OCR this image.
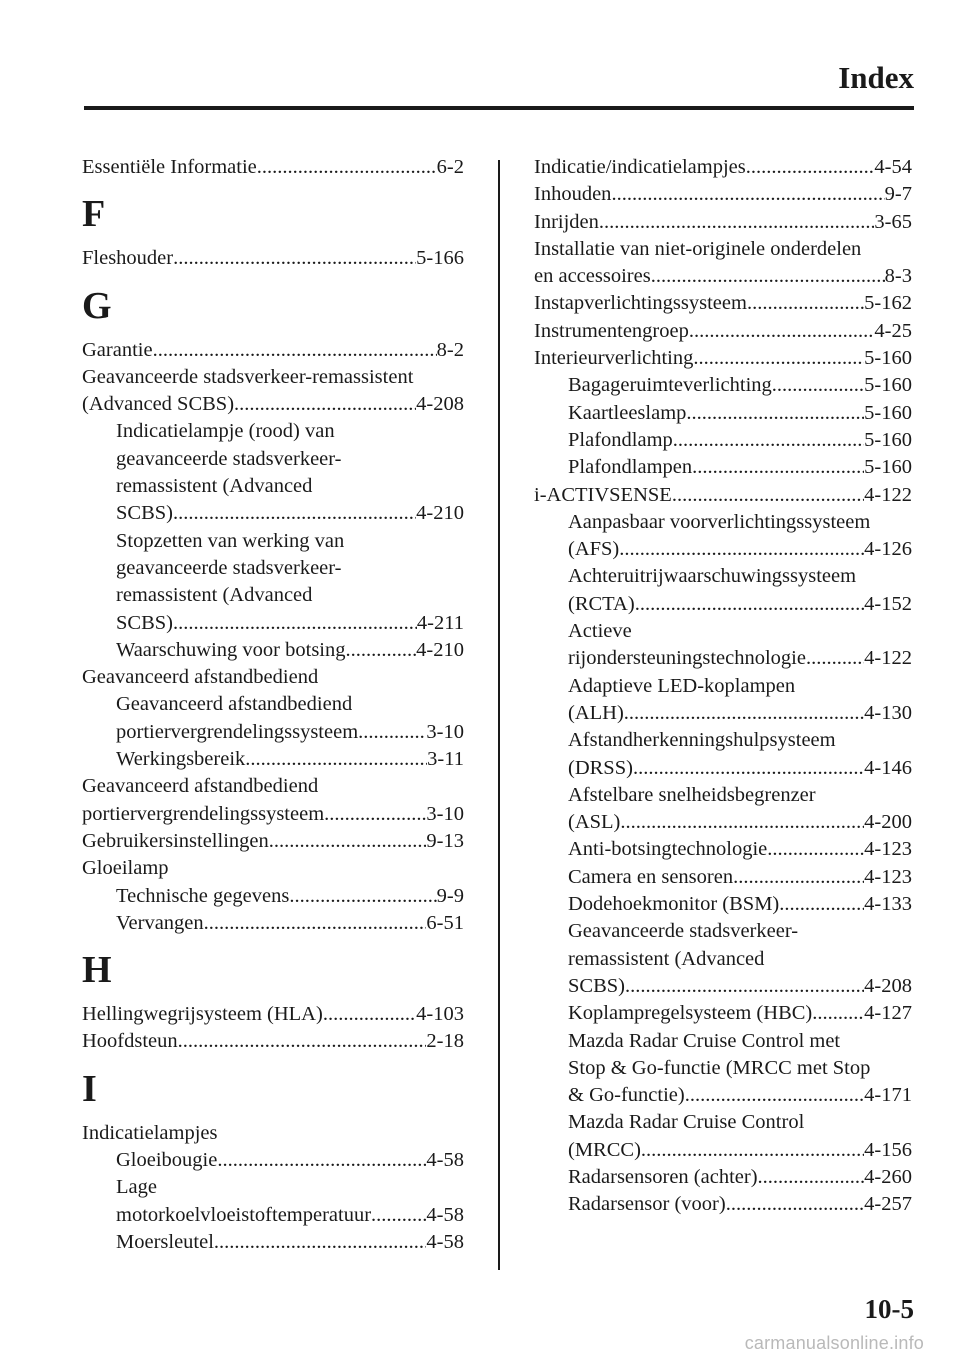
Index
Essentiële Informatie .....	6-2
F
Fleshouder .....	5-166
G
Garantie .....	8-2
Geavanceerde stadsverkeer-remassistent
(Advanced SCBS) .....	4-208
Indicatielampje (rood) van
geavanceerde stadsverkeer-
remassistent (Advanced
SCBS) .....	4-210
Stopzetten van werking van
geavanceerde stadsverkeer-
remassistent (Advanced
SCBS) .....	4-211
Waarschuwing voor botsing .....	4-210
Geavanceerd afstandbediend
Geavanceerd afstandbediend
portiervergrendelingssysteem .....	3-10
Werkingsbereik .....	3-11
Geavanceerd afstandbediend
portiervergrendelingssysteem .....	3-10
Gebruikersinstellingen .....	9-13
Gloeilamp
Technische gegevens .....	9-9
Vervangen .....	6-51
H
Hellingwegrijsysteem (HLA) .....	4-103
Hoofdsteun .....	2-18
I
Indicatielampjes
Gloeibougie .....	4-58
Lage
motorkoelvloeistoftemperatuur .....	4-58
Moersleutel .....	4-58
Indicatie/indicatielampjes .....	4-54
Inhouden .....	9-7
Inrijden .....	3-65
Installatie van niet-originele onderdelen
en accessoires .....	8-3
Instapverlichtingssysteem .....	5-162
Instrumentengroep .....	4-25
Interieurverlichting .....	5-160
Bagageruimteverlichting .....	5-160
Kaartleeslamp .....	5-160
Plafondlamp .....	5-160
Plafondlampen .....	5-160
i-ACTIVSENSE .....	4-122
Aanpasbaar voorverlichtingssysteem
(AFS) .....	4-126
Achteruitrijwaarschuwingssysteem
(RCTA) .....	4-152
Actieve
rijondersteuningstechnologie .....	4-122
Adaptieve LED-koplampen
(ALH) .....	4-130
Afstandherkenningshulpsysteem
(DRSS) .....	4-146
Afstelbare snelheidsbegrenzer
(ASL) .....	4-200
Anti-botsingtechnologie .....	4-123
Camera en sensoren .....	4-123
Dodehoekmonitor (BSM) .....	4-133
Geavanceerde stadsverkeer-
remassistent (Advanced
SCBS) .....	4-208
Koplampregelsysteem (HBC) .....	4-127
Mazda Radar Cruise Control met
Stop & Go-functie (MRCC met Stop
& Go-functie) .....	4-171
Mazda Radar Cruise Control
(MRCC) .....	4-156
Radarsensoren (achter) .....	4-260
Radarsensor (voor) .....	4-257
10-5
carmanualsonline.info
